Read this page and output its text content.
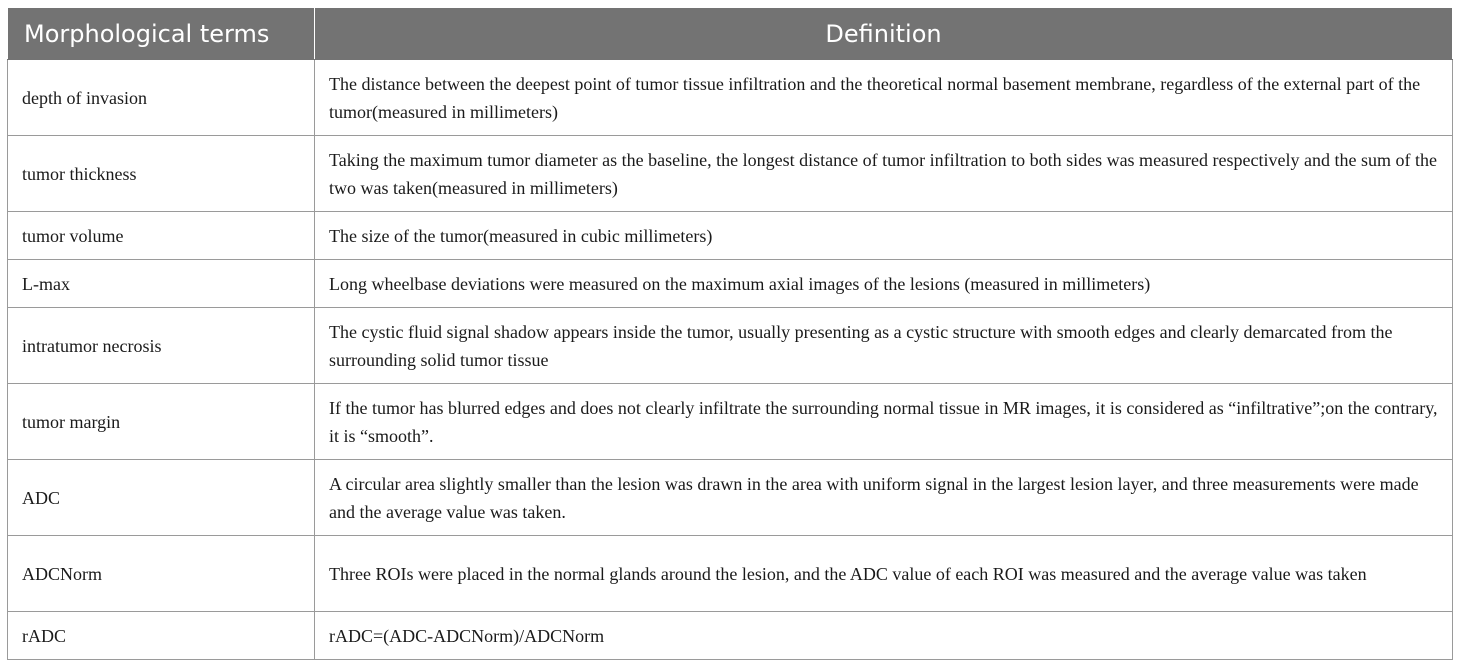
Morphological terms	Definition
depth of invasion	The distance between the deepest point of tumor tissue infiltration and the theoretical normal basement membrane, regardless of the external part of the tumor(measured in millimeters)
tumor thickness	Taking the maximum tumor diameter as the baseline, the longest distance of tumor infiltration to both sides was measured respectively and the sum of the two was taken(measured in millimeters)
tumor volume	The size of the tumor(measured in cubic millimeters)
L-max	Long wheelbase deviations were measured on the maximum axial images of the lesions (measured in millimeters)
intratumor necrosis	The cystic fluid signal shadow appears inside the tumor, usually presenting as a cystic structure with smooth edges and clearly demarcated from the surrounding solid tumor tissue
tumor margin	If the tumor has blurred edges and does not clearly infiltrate the surrounding normal tissue in MR images, it is considered as “infiltrative”;on the contrary, it is “smooth”.
ADC	A circular area slightly smaller than the lesion was drawn in the area with uniform signal in the largest lesion layer, and three measurements were made and the average value was taken.
ADCNorm	Three ROIs were placed in the normal glands around the lesion, and the ADC value of each ROI was measured and the average value was taken
rADC	rADC=(ADC-ADCNorm)/ADCNorm
